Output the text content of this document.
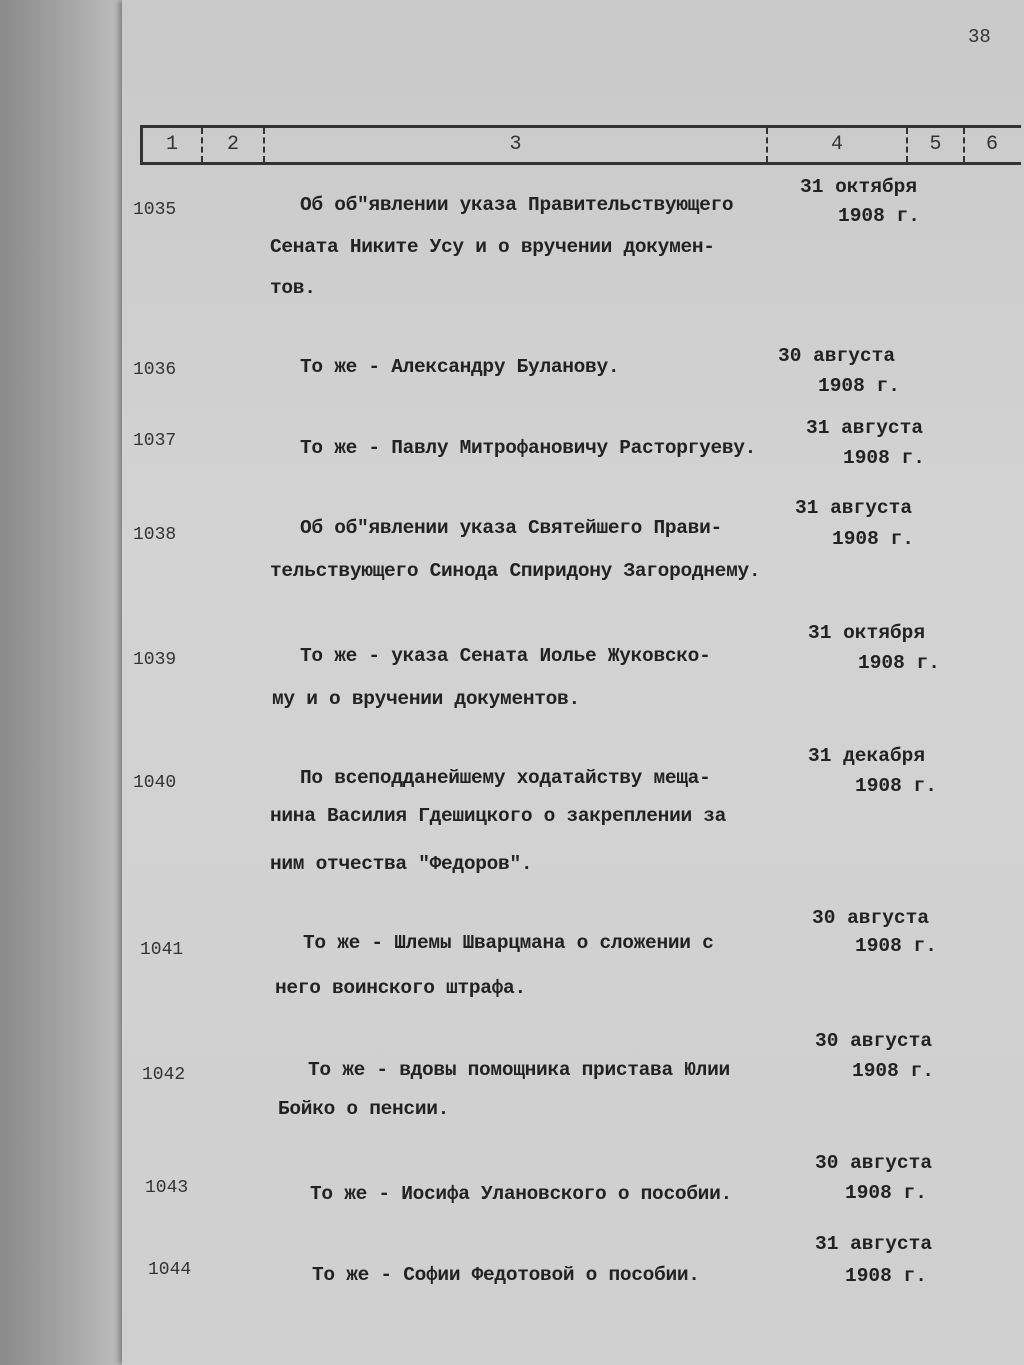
38
1	2	3	4	5	6
1035	Об об"явлении указа Правительствующего
Сената Никите Усу и о вручении докумен-
тов.
31 октября
1908 г.
1036	То же - Александру Буланову.	30 августа
1908 г.
1037	То же - Павлу Митрофановичу Расторгуеву.
31 августа
1908 г.
1038	Об об"явлении указа Святейшего Прави-
тельствующего Синода Спиридону Загороднему.
31 августа
1908 г.
1039	То же - указа Сената Иолье Жуковско-
му и о вручении документов.
31 октября
1908 г.
1040	По всеподданейшему ходатайству меща-
нина Василия Гдешицкого о закреплении за
ним отчества "Федоров".
31 декабря
1908 г.
1041	То же - Шлемы Шварцмана о сложении с
него воинского штрафа.
30 августа
1908 г.
1042	То же - вдовы помощника пристава Юлии
Бойко о пенсии.
30 августа
1908 г.
1043	То же - Иосифа Улановского о пособии.
30 августа
1908 г.
1044	То же - Софии Федотовой о пособии.
31 августа
1908 г.
